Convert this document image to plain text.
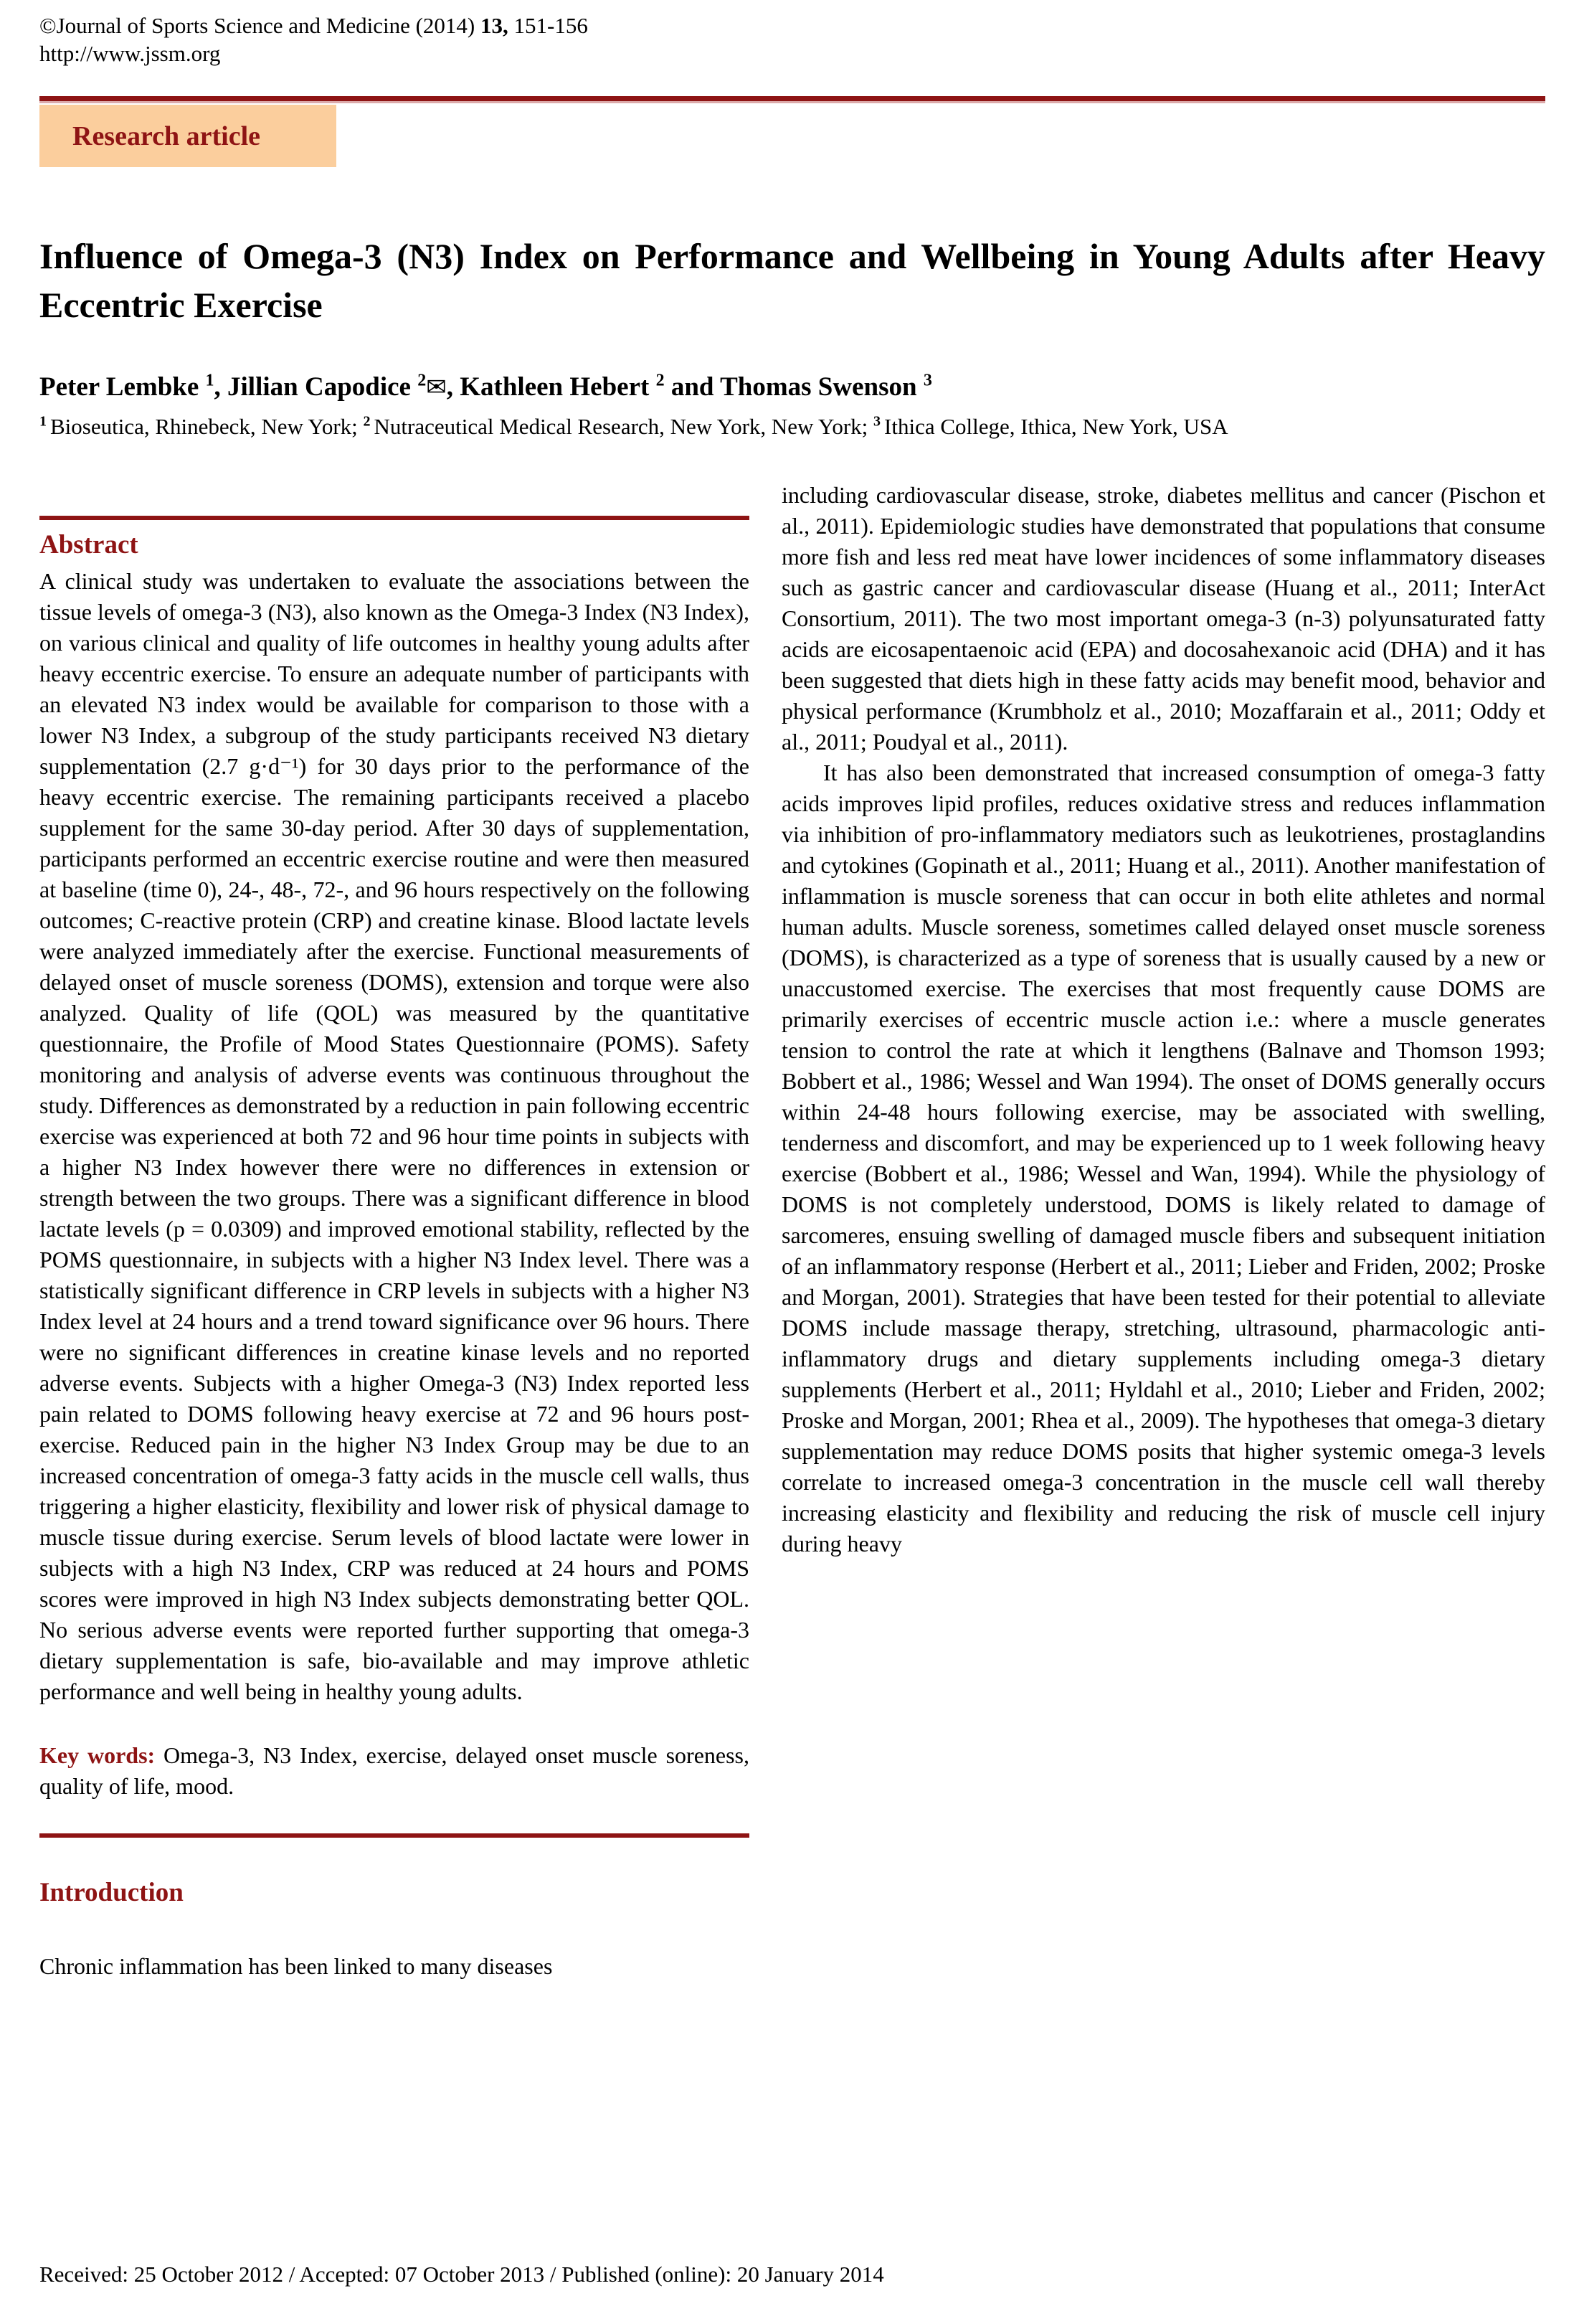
©Journal of Sports Science and Medicine (2014) 13, 151-156
http://www.jssm.org
Research article
Influence of Omega-3 (N3) Index on Performance and Wellbeing in Young Adults after Heavy Eccentric Exercise
Peter Lembke $^1$, Jillian Capodice $^2$✉, Kathleen Hebert $^2$ and Thomas Swenson $^3$
$^1$ Bioseutica, Rhinebeck, New York; $^2$ Nutraceutical Medical Research, New York, New York; $^3$ Ithica College, Ithica, New York, USA
Abstract

A clinical study was undertaken to evaluate the associations between the tissue levels of omega-3 (N3), also known as the Omega-3 Index (N3 Index), on various clinical and quality of life outcomes in healthy young adults after heavy eccentric exercise. To ensure an adequate number of participants with an elevated N3 index would be available for comparison to those with a lower N3 Index, a subgroup of the study participants received N3 dietary supplementation (2.7 g·d⁻¹) for 30 days prior to the performance of the heavy eccentric exercise. The remaining participants received a placebo supplement for the same 30-day period. After 30 days of supplementation, participants performed an eccentric exercise routine and were then measured at baseline (time 0), 24-, 48-, 72-, and 96 hours respectively on the following outcomes; C-reactive protein (CRP) and creatine kinase. Blood lactate levels were analyzed immediately after the exercise. Functional measurements of delayed onset of muscle soreness (DOMS), extension and torque were also analyzed. Quality of life (QOL) was measured by the quantitative questionnaire, the Profile of Mood States Questionnaire (POMS). Safety monitoring and analysis of adverse events was continuous throughout the study. Differences as demonstrated by a reduction in pain following eccentric exercise was experienced at both 72 and 96 hour time points in subjects with a higher N3 Index however there were no differences in extension or strength between the two groups. There was a significant difference in blood lactate levels (p = 0.0309) and improved emotional stability, reflected by the POMS questionnaire, in subjects with a higher N3 Index level. There was a statistically significant difference in CRP levels in subjects with a higher N3 Index level at 24 hours and a trend toward significance over 96 hours. There were no significant differences in creatine kinase levels and no reported adverse events. Subjects with a higher Omega-3 (N3) Index reported less pain related to DOMS following heavy exercise at 72 and 96 hours post-exercise. Reduced pain in the higher N3 Index Group may be due to an increased concentration of omega-3 fatty acids in the muscle cell walls, thus triggering a higher elasticity, flexibility and lower risk of physical damage to muscle tissue during exercise. Serum levels of blood lactate were lower in subjects with a high N3 Index, CRP was reduced at 24 hours and POMS scores were improved in high N3 Index subjects demonstrating better QOL. No serious adverse events were reported further supporting that omega-3 dietary supplementation is safe, bio-available and may improve athletic performance and well being in healthy young adults.

Key words: Omega-3, N3 Index, exercise, delayed onset muscle soreness, quality of life, mood.

Introduction

Chronic inflammation has been linked to many diseases

including cardiovascular disease, stroke, diabetes mellitus and cancer (Pischon et al., 2011). Epidemiologic studies have demonstrated that populations that consume more fish and less red meat have lower incidences of some inflammatory diseases such as gastric cancer and cardiovascular disease (Huang et al., 2011; InterAct Consortium, 2011). The two most important omega-3 (n-3) polyunsaturated fatty acids are eicosapentaenoic acid (EPA) and docosahexanoic acid (DHA) and it has been suggested that diets high in these fatty acids may benefit mood, behavior and physical performance (Krumbholz et al., 2010; Mozaffarain et al., 2011; Oddy et al., 2011; Poudyal et al., 2011).

It has also been demonstrated that increased consumption of omega-3 fatty acids improves lipid profiles, reduces oxidative stress and reduces inflammation via inhibition of pro-inflammatory mediators such as leukotrienes, prostaglandins and cytokines (Gopinath et al., 2011; Huang et al., 2011). Another manifestation of inflammation is muscle soreness that can occur in both elite athletes and normal human adults. Muscle soreness, sometimes called delayed onset muscle soreness (DOMS), is characterized as a type of soreness that is usually caused by a new or unaccustomed exercise. The exercises that most frequently cause DOMS are primarily exercises of eccentric muscle action i.e.: where a muscle generates tension to control the rate at which it lengthens (Balnave and Thomson 1993; Bobbert et al., 1986; Wessel and Wan 1994). The onset of DOMS generally occurs within 24-48 hours following exercise, may be associated with swelling, tenderness and discomfort, and may be experienced up to 1 week following heavy exercise (Bobbert et al., 1986; Wessel and Wan, 1994). While the physiology of DOMS is not completely understood, DOMS is likely related to damage of sarcomeres, ensuing swelling of damaged muscle fibers and subsequent initiation of an inflammatory response (Herbert et al., 2011; Lieber and Friden, 2002; Proske and Morgan, 2001). Strategies that have been tested for their potential to alleviate DOMS include massage therapy, stretching, ultrasound, pharmacologic anti-inflammatory drugs and dietary supplements including omega-3 dietary supplements (Herbert et al., 2011; Hyldahl et al., 2010; Lieber and Friden, 2002; Proske and Morgan, 2001; Rhea et al., 2009). The hypotheses that omega-3 dietary supplementation may reduce DOMS posits that higher systemic omega-3 levels correlate to increased omega-3 concentration in the muscle cell wall thereby increasing elasticity and flexibility and reducing the risk of muscle cell injury during heavy

Received: 25 October 2012 / Accepted: 07 October 2013 / Published (online): 20 January 2014
